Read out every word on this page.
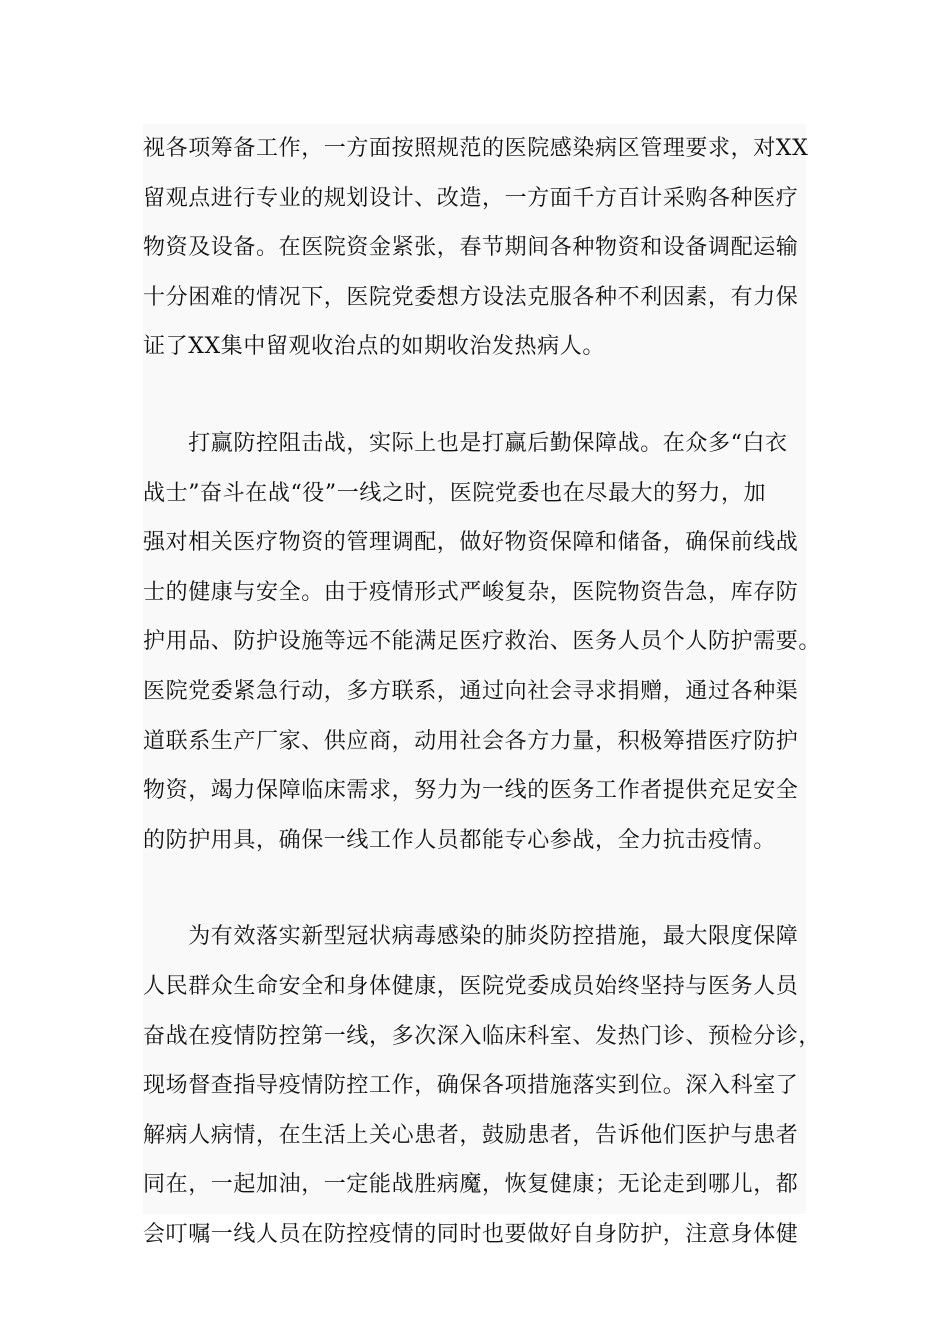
视各项筹备工作，一方面按照规范的医院感染病区管理要求，对XX
留观点进行专业的规划设计、改造，一方面千方百计采购各种医疗
物资及设备。在医院资金紧张，春节期间各种物资和设备调配运输
十分困难的情况下，医院党委想方设法克服各种不利因素，有力保
证了XX集中留观收治点的如期收治发热病人。
　　打赢防控阻击战，实际上也是打赢后勤保障战。在众多“白衣
战士”奋斗在战“役”一线之时，医院党委也在尽最大的努力，加
强对相关医疗物资的管理调配，做好物资保障和储备，确保前线战
士的健康与安全。由于疫情形式严峻复杂，医院物资告急，库存防
护用品、防护设施等远不能满足医疗救治、医务人员个人防护需要。
医院党委紧急行动，多方联系，通过向社会寻求捐赠，通过各种渠
道联系生产厂家、供应商，动用社会各方力量，积极筹措医疗防护
物资，竭力保障临床需求，努力为一线的医务工作者提供充足安全
的防护用具，确保一线工作人员都能专心参战，全力抗击疫情。
　　为有效落实新型冠状病毒感染的肺炎防控措施，最大限度保障
人民群众生命安全和身体健康，医院党委成员始终坚持与医务人员
奋战在疫情防控第一线，多次深入临床科室、发热门诊、预检分诊，
现场督查指导疫情防控工作，确保各项措施落实到位。深入科室了
解病人病情，在生活上关心患者，鼓励患者，告诉他们医护与患者
同在，一起加油，一定能战胜病魔，恢复健康；无论走到哪儿，都
会叮嘱一线人员在防控疫情的同时也要做好自身防护，注意身体健
